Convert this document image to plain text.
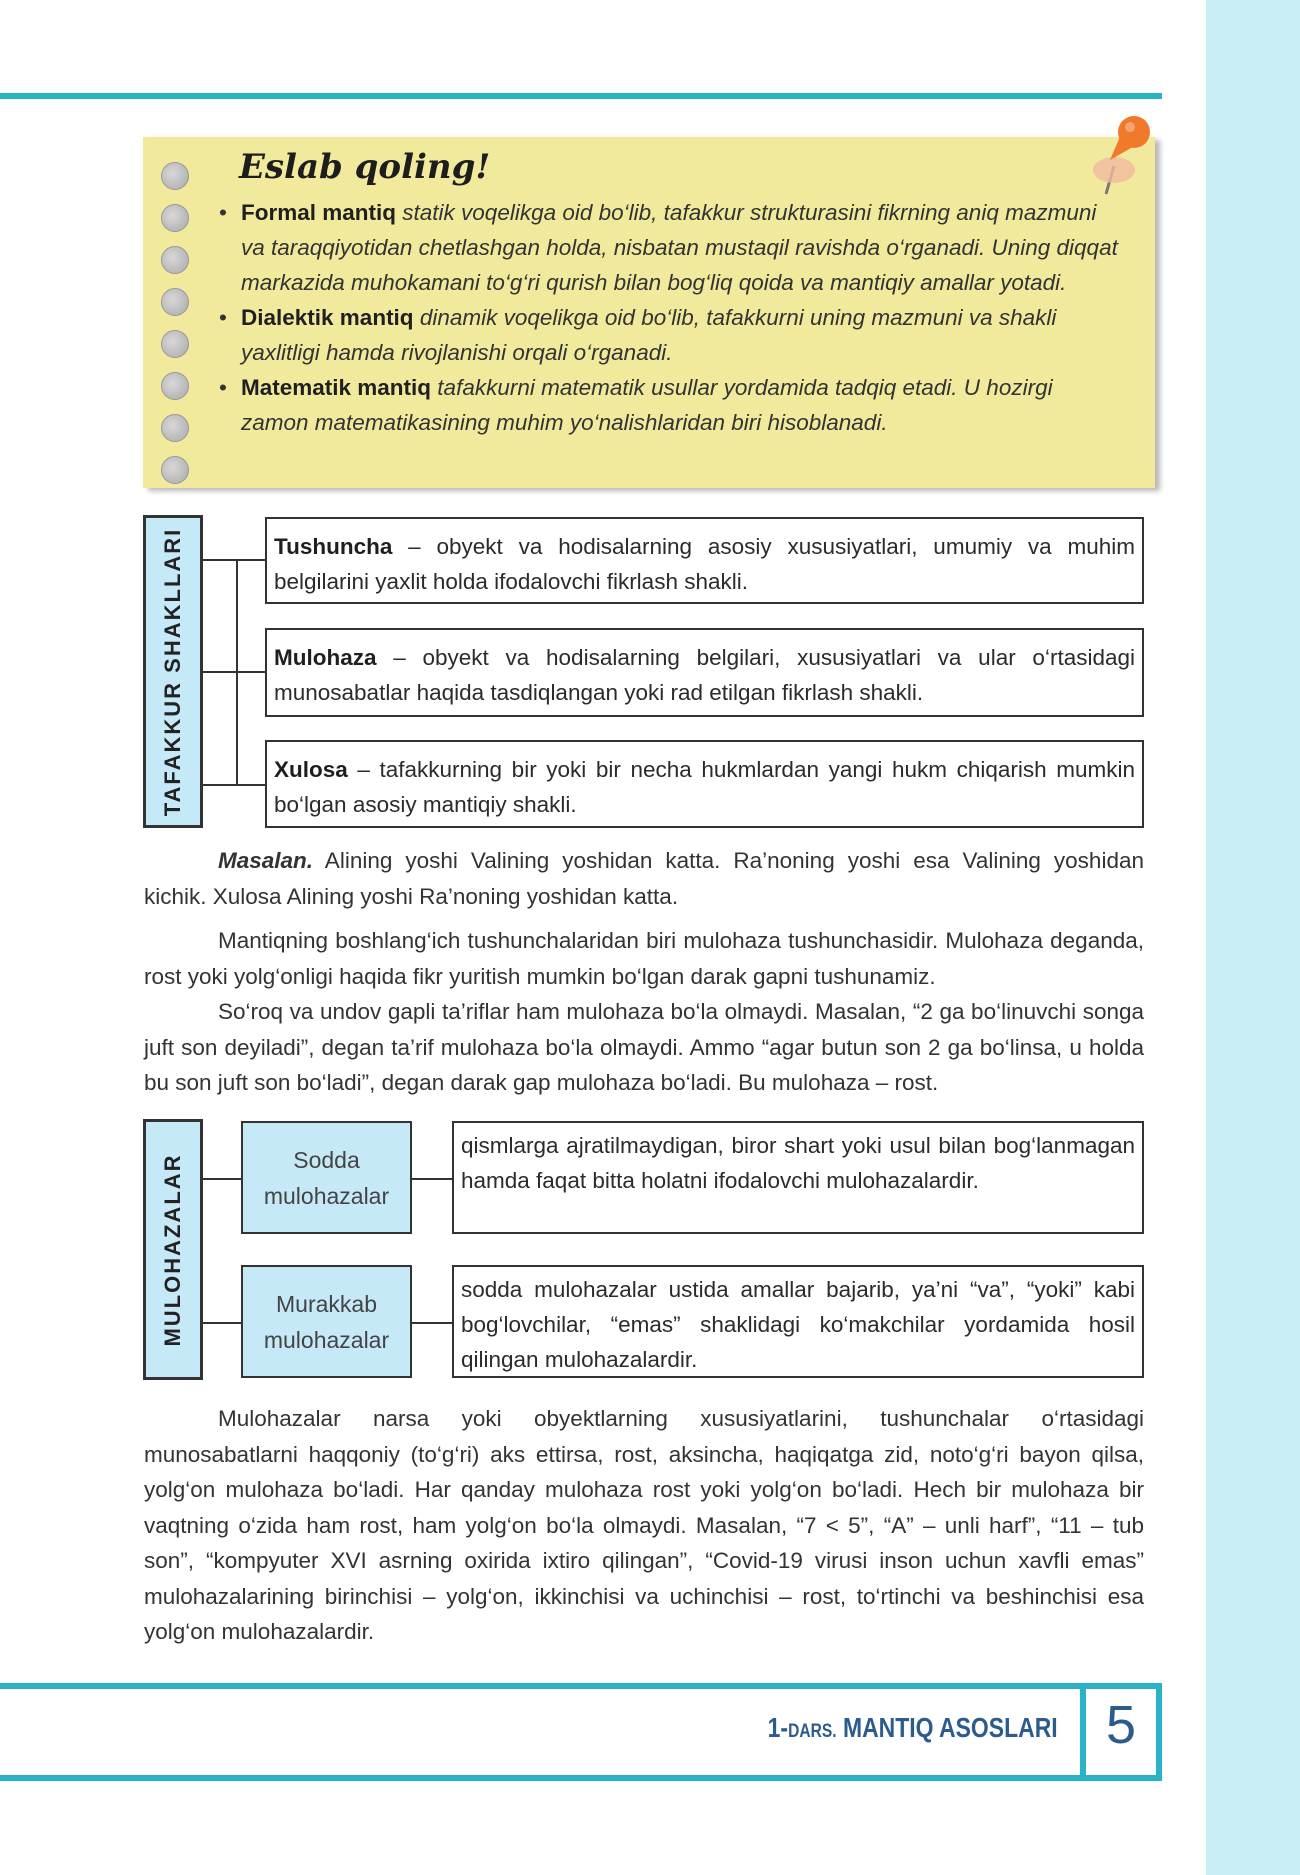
Eslab qoling!
• Formal mantiq statik voqelikga oid bo‘lib, tafakkur strukturasini fikrning aniq mazmuni va taraqqiyotidan chetlashgan holda, nisbatan mustaqil ravishda o‘rganadi. Uning diqqat markazida muhokamani to‘g‘ri qurish bilan bog‘liq qoida va mantiqiy amallar yotadi.
• Dialektik mantiq dinamik voqelikga oid bo‘lib, tafakkurni uning mazmuni va shakli yaxlitligi hamda rivojlanishi orqali o‘rganadi.
• Matematik mantiq tafakkurni matematik usullar yordamida tadqiq etadi. U hozirgi zamon matematikasining muhim yo‘nalishlaridan biri hisoblanadi.
TAFAKKUR SHAKLLARI	Tushuncha – obyekt va hodisalarning asosiy xususiyatlari, umumiy va muhim belgilarini yaxlit holda ifodalovchi fikrlash shakli.
Mulohaza – obyekt va hodisalarning belgilari, xususiyatlari va ular o‘rtasidagi munosabatlar haqida tasdiqlangan yoki rad etilgan fikrlash shakli.
Xulosa – tafakkurning bir yoki bir necha hukmlardan yangi hukm chiqarish mumkin bo‘lgan asosiy mantiqiy shakli.
Masalan. Alining yoshi Valining yoshidan katta. Ra’noning yoshi esa Valining yoshidan kichik. Xulosa Alining yoshi Ra’noning yoshidan katta.
Mantiqning boshlang‘ich tushunchalaridan biri mulohaza tushunchasidir. Mulohaza deganda, rost yoki yolg‘onligi haqida fikr yuritish mumkin bo‘lgan darak gapni tushunamiz.
So‘roq va undov gapli ta’riflar ham mulohaza bo‘la olmaydi. Masalan, “2 ga bo‘linuvchi songa juft son deyiladi”, degan ta’rif mulohaza bo‘la olmaydi. Ammo “agar butun son 2 ga bo‘linsa, u holda bu son juft son bo‘ladi”, degan darak gap mulohaza bo‘ladi. Bu mulohaza – rost.
MULOHAZALAR	Sodda
mulohazalar
Murakkab
mulohazalar
qismlarga ajratilmaydigan, biror shart yoki usul bilan bog‘lanmagan hamda faqat bitta holatni ifodalovchi mulohazalardir.
sodda mulohazalar ustida amallar bajarib, ya’ni “va”, “yoki” kabi bog‘lovchilar, “emas” shaklidagi ko‘makchilar yordamida hosil qilingan mulohazalardir.
Mulohazalar narsa yoki obyektlarning xususiyatlarini, tushunchalar o‘rtasidagi munosabatlarni haqqoniy (to‘g‘ri) aks ettirsa, rost, aksincha, haqiqatga zid, noto‘g‘ri bayon qilsa, yolg‘on mulohaza bo‘ladi. Har qanday mulohaza rost yoki yolg‘on bo‘ladi. Hech bir mulohaza bir vaqtning o‘zida ham rost, ham yolg‘on bo‘la olmaydi. Masalan, “7 < 5”, “A” – unli harf”, “11 – tub son”, “kompyuter XVI asrning oxirida ixtiro qilingan”, “Covid-19 virusi inson uchun xavfli emas” mulohazalarining birinchisi – yolg‘on, ikkinchisi va uchinchisi – rost, to‘rtinchi va beshinchisi esa yolg‘on mulohazalardir.
1-DARS. MANTIQ ASOSLARI 5
